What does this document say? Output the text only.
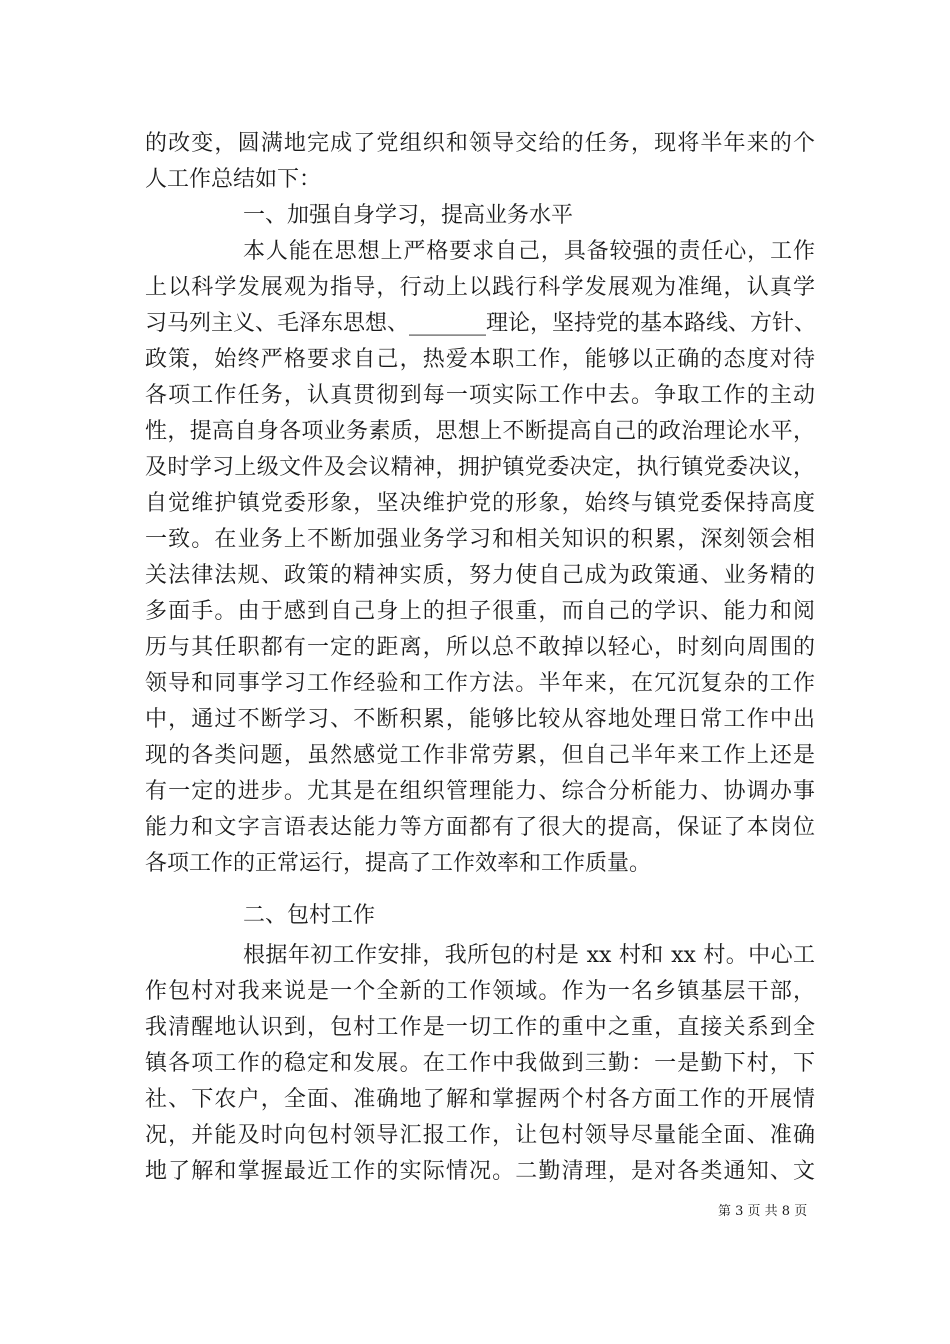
的改变，圆满地完成了党组织和领导交给的任务，现将半年来的个
人工作总结如下：
一、加强自身学习，提高业务水平
本人能在思想上严格要求自己，具备较强的责任心，工作
上以科学发展观为指导，行动上以践行科学发展观为准绳，认真学
习马列主义、毛泽东思想、_______理论，坚持党的基本路线、方针、
政策，始终严格要求自己，热爱本职工作，能够以正确的态度对待
各项工作任务，认真贯彻到每一项实际工作中去。争取工作的主动
性，提高自身各项业务素质，思想上不断提高自己的政治理论水平，
及时学习上级文件及会议精神，拥护镇党委决定，执行镇党委决议，
自觉维护镇党委形象，坚决维护党的形象，始终与镇党委保持高度
一致。在业务上不断加强业务学习和相关知识的积累，深刻领会相
关法律法规、政策的精神实质，努力使自己成为政策通、业务精的
多面手。由于感到自己身上的担子很重，而自己的学识、能力和阅
历与其任职都有一定的距离，所以总不敢掉以轻心，时刻向周围的
领导和同事学习工作经验和工作方法。半年来，在冗沉复杂的工作
中，通过不断学习、不断积累，能够比较从容地处理日常工作中出
现的各类问题，虽然感觉工作非常劳累，但自己半年来工作上还是
有一定的进步。尤其是在组织管理能力、综合分析能力、协调办事
能力和文字言语表达能力等方面都有了很大的提高，保证了本岗位
各项工作的正常运行，提高了工作效率和工作质量。
二、包村工作
根据年初工作安排，我所包的村是 xx 村和 xx 村。中心工
作包村对我来说是一个全新的工作领域。作为一名乡镇基层干部，
我清醒地认识到，包村工作是一切工作的重中之重，直接关系到全
镇各项工作的稳定和发展。在工作中我做到三勤：一是勤下村，下
社、下农户，全面、准确地了解和掌握两个村各方面工作的开展情
况，并能及时向包村领导汇报工作，让包村领导尽量能全面、准确
地了解和掌握最近工作的实际情况。二勤清理，是对各类通知、文
第 3 页 共 8 页
